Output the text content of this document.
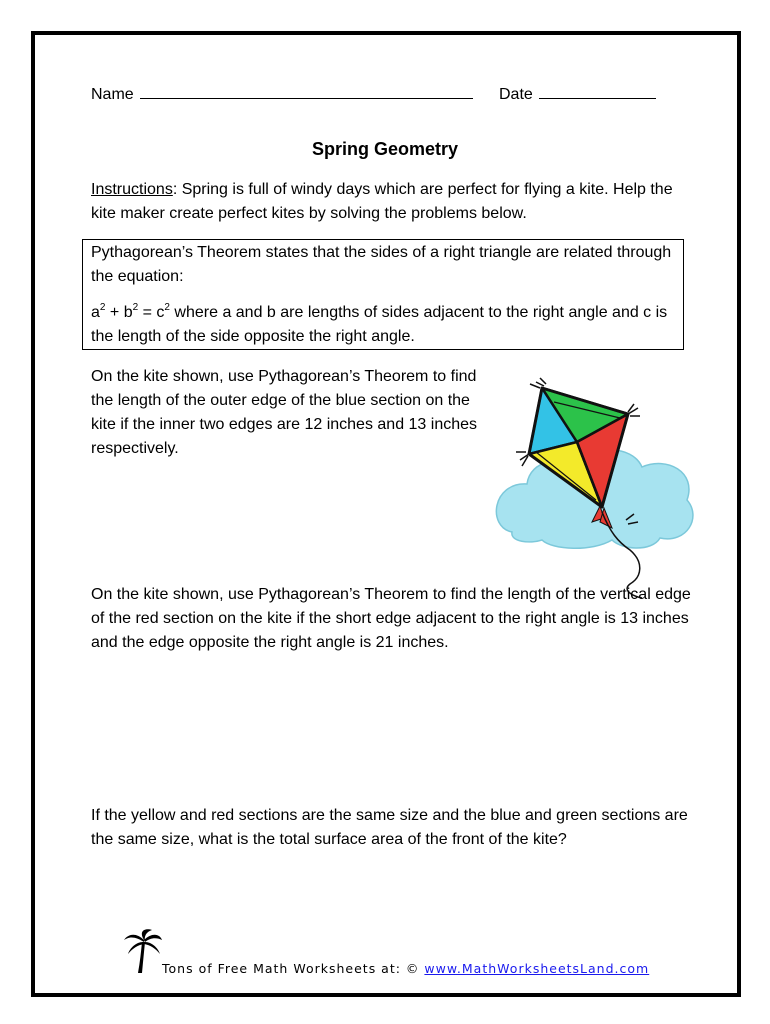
Name	Date
Spring Geometry
Instructions: Spring is full of windy days which are perfect for flying a kite. Help the kite maker create perfect kites by solving the problems below.
Pythagorean’s Theorem states that the sides of a right triangle are related through the equation:
$a^2 + b^2 = c^2$ where a and b are lengths of sides adjacent to the right angle and c is the length of the side opposite the right angle.
On the kite shown, use Pythagorean’s Theorem to find the length of the outer edge of the blue section on the kite if the inner two edges are 12 inches and 13 inches respectively.
On the kite shown, use Pythagorean’s Theorem to find the length of the vertical edge of the red section on the kite if the short edge adjacent to the right angle is 13 inches and the edge opposite the right angle is 21 inches.
If the yellow and red sections are the same size and the blue and green sections are the same size, what is the total surface area of the front of the kite?
Tons of Free Math Worksheets at: © www.MathWorksheetsLand.com
